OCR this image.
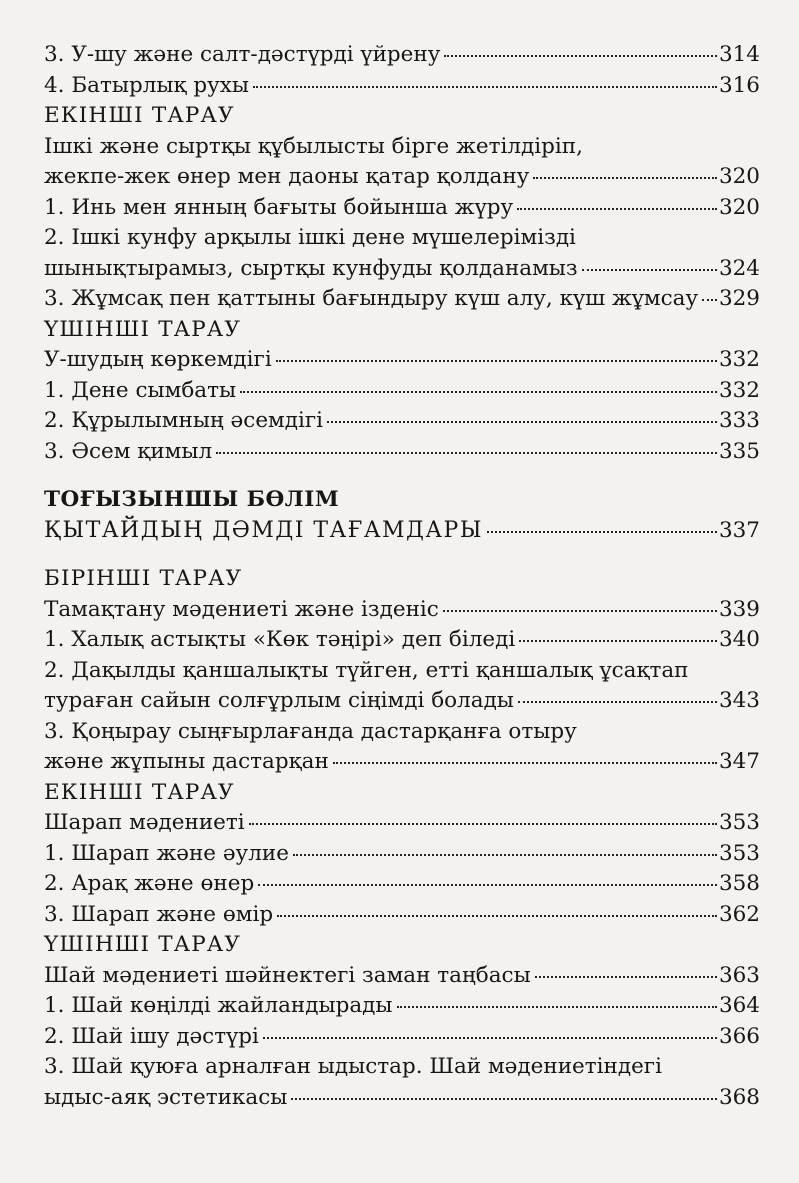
3. У-шу және салт-дәстүрді үйрену	314
4. Батырлық рухы	316
ЕКІНШІ ТАРАУ
Ішкі және сыртқы құбылысты бірге жетілдіріп,
жекпе-жек өнер мен даоны қатар қолдану	320
1. Инь мен янның бағыты бойынша жүру	320
2. Ішкі кунфу арқылы ішкі дене мүшелерімізді
шынықтырамыз, сыртқы кунфуды қолданамыз	324
3. Жұмсақ пен қаттыны бағындыру күш алу, күш жұмсау 329
ҮШІНШІ ТАРАУ
У-шудың көркемдігі	332
1. Дене сымбаты	332
2. Құрылымның әсемдігі	333
3. Әсем қимыл	335
ТОҒЫЗЫНШЫ БӨЛІМ
ҚЫТАЙДЫҢ ДӘМДІ ТАҒАМДАРЫ	337
БІРІНШІ ТАРАУ
Тамақтану мәдениеті және ізденіс	339
1. Халық астықты «Көк тәңірі» деп біледі	340
2. Дақылды қаншалықты түйген, етті қаншалық ұсақтап
тураған сайын солғұрлым сіңімді болады	343
3. Қоңырау сыңғырлағанда дастарқанға отыру
және жұпыны дастарқан	347
ЕКІНШІ ТАРАУ
Шарап мәдениеті	353
1. Шарап және әулие	353
2. Арақ және өнер	358
3. Шарап және өмір	362
ҮШІНШІ ТАРАУ
Шай мәдениеті шәйнектегі заман таңбасы	363
1. Шай көңілді жайландырады	364
2. Шай ішу дәстүрі	366
3. Шай қуюға арналған ыдыстар. Шай мәдениетіндегі
ыдыс-аяқ эстетикасы	368
